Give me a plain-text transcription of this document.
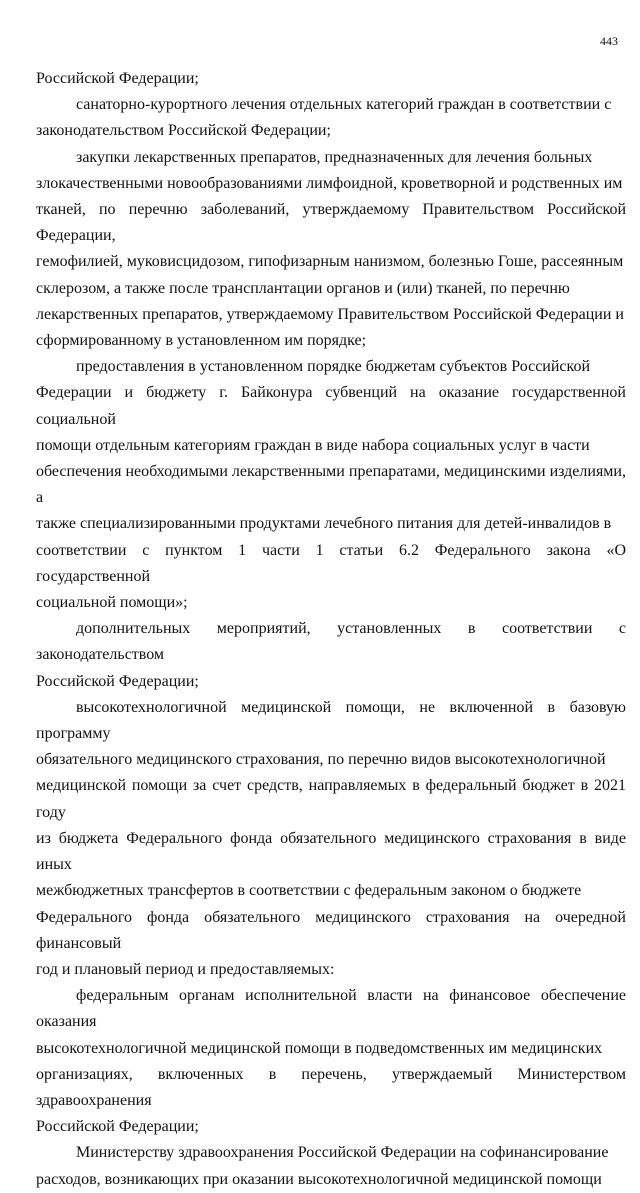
443

Российской Федерации;

санаторно-курортного лечения отдельных категорий граждан в соответствии с
законодательством Российской Федерации;

закупки лекарственных препаратов, предназначенных для лечения больных
злокачественными новообразованиями лимфоидной, кроветворной и родственных им
тканей, по перечню заболеваний, утверждаемому Правительством Российской Федерации,
гемофилией, муковисцидозом, гипофизарным нанизмом, болезнью Гоше, рассеянным
склерозом, а также после трансплантации органов и (или) тканей, по перечню
лекарственных препаратов, утверждаемому Правительством Российской Федерации и
сформированному в установленном им порядке;

предоставления в установленном порядке бюджетам субъектов Российской
Федерации и бюджету г. Байконура субвенций на оказание государственной социальной
помощи отдельным категориям граждан в виде набора социальных услуг в части
обеспечения необходимыми лекарственными препаратами, медицинскими изделиями, а
также специализированными продуктами лечебного питания для детей-инвалидов в
соответствии с пунктом 1 части 1 статьи 6.2 Федерального закона «О государственной
социальной помощи»;

дополнительных мероприятий, установленных в соответствии с законодательством
Российской Федерации;

высокотехнологичной медицинской помощи, не включенной в базовую программу
обязательного медицинского страхования, по перечню видов высокотехнологичной
медицинской помощи за счет средств, направляемых в федеральный бюджет в 2021 году
из бюджета Федерального фонда обязательного медицинского страхования в виде иных
межбюджетных трансфертов в соответствии с федеральным законом о бюджете
Федерального фонда обязательного медицинского страхования на очередной финансовый
год и плановый период и предоставляемых:

федеральным органам исполнительной власти на финансовое обеспечение оказания
высокотехнологичной медицинской помощи в подведомственных им медицинских
организациях, включенных в перечень, утверждаемый Министерством здравоохранения
Российской Федерации;

Министерству здравоохранения Российской Федерации на софинансирование
расходов, возникающих при оказании высокотехнологичной медицинской помощи
